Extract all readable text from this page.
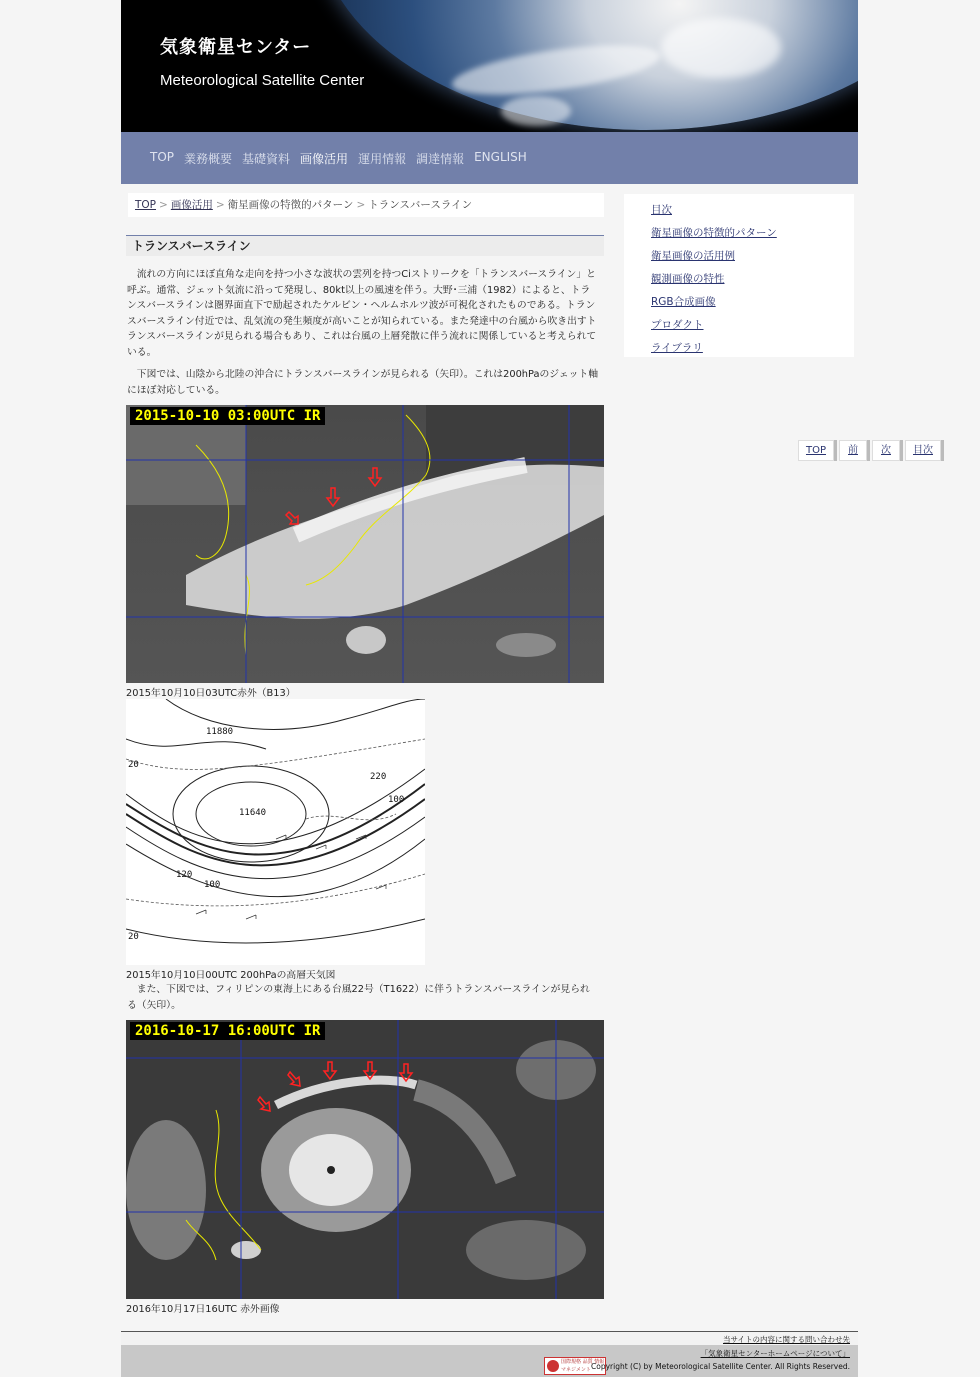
気象衛星センター
Meteorological Satellite Center
TOP 業務概要 基礎資料 画像活用 運用情報 調達情報 ENGLISH
TOP > 画像活用 > 衛星画像の特徴的パターン > トランスバースライン
トランスバースライン
　流れの方向にほぼ直角な走向を持つ小さな波状の雲列を持つCiストリークを「トランスバースライン」と呼ぶ。通常、ジェット気流に沿って発現し、80kt以上の風速を伴う。大野･三浦（1982）によると、トランスバースラインは圏界面直下で励起されたケルビン・ヘルムホルツ波が可視化されたものである。トランスバースライン付近では、乱気流の発生頻度が高いことが知られている。また発達中の台風から吹き出すトランスバースラインが見られる場合もあり、これは台風の上層発散に伴う流れに関係していると考えられている。
　下図では、山陰から北陸の沖合にトランスバースラインが見られる（矢印）。これは200hPaのジェット軸にほぼ対応している。
2015-10-10 03:00UTC IR
2015年10月10日03UTC赤外（B13）
11880
11640
20
20
100
100
120
220
2015年10月10日00UTC 200hPaの高層天気図
　また、下図では、フィリピンの東海上にある台風22号（T1622）に伴うトランスバースラインが見られる（矢印）。
2016-10-17 16:00UTC IR
2016年10月17日16UTC 赤外画像
目次
衛星画像の特徴的パターン
衛星画像の活用例
観測画像の特性
RGB合成画像
プロダクト
ライブラリ
TOP	前	次	目次
当サイトの内容に関する問い合わせ先
「気象衛星センターホームページについて」
国際規格 品質 情報 マネジメント Copyright (C) by Meteorological Satellite Center. All Rights Reserved.
